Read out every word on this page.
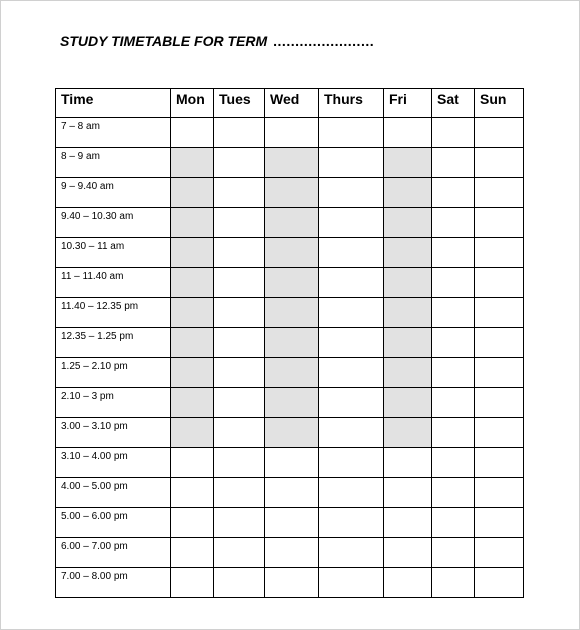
STUDY TIMETABLE FOR TERM .......................
Time	Mon	Tues	Wed	Thurs	Fri	Sat	Sun
7 – 8 am							
8 – 9 am							
9 – 9.40 am							
9.40 – 10.30 am							
10.30 – 11 am							
11 – 11.40 am							
11.40 – 12.35 pm							
12.35 – 1.25 pm							
1.25 – 2.10 pm							
2.10 – 3 pm							
3.00 – 3.10 pm							
3.10 – 4.00 pm							
4.00 – 5.00 pm							
5.00 – 6.00 pm							
6.00 – 7.00 pm							
7.00 – 8.00 pm							
